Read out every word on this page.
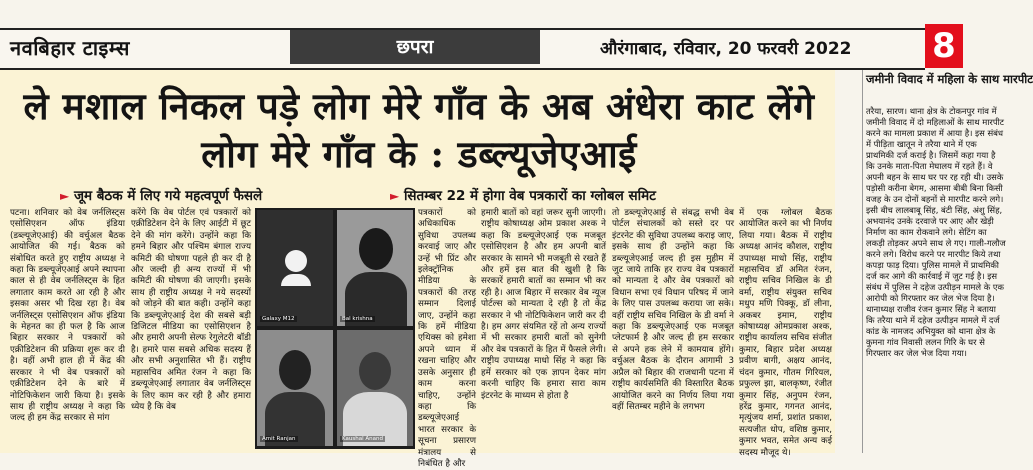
नवबिहार टाइम्स	छपरा	औरंगाबाद, रविवार, 20 फरवरी 2022 8
ले मशाल निकल पड़े लोग मेरे गाँव के अब अंधेरा काट लेंगे लोग मेरे गाँव के : डब्ल्यूजेएआई
► जूम बैठक में लिए गये महत्वपूर्ण फैसले	► सितम्बर 22 में होगा वेब पत्रकारों का ग्लोबल समिट
पटना। शनिवार को वेब जर्नलिस्ट्स एसोसिएशन ऑफ इंडिया (डब्ल्यूजेएआई) की वर्चुअल बैठक आयोजित की गई। बैठक को संबोधित करते हुए राष्ट्रीय अध्यक्ष ने कहा कि डब्ल्यूजेएआई अपने स्थापना काल से ही वेब जर्नलिस्ट्स के हित लगातार काम करते आ रही है और इसका असर भी दिख रहा है। वेब जर्नलिस्ट्स एसोसिएशन ऑफ इंडिया के मेहनत का ही फल है कि आज बिहार सरकार ने पत्रकारों को एक्रीडिटेशन की प्रक्रिया शुरू कर दी है। वहीं अभी हाल ही में केंद्र की सरकार ने भी वेब पत्रकारों को एक्रीडिटेशन देने के बारे में नोटिफिकेशन जारी किया है। इसके साथ ही राष्ट्रीय अध्यक्ष ने कहा कि जल्द ही हम केंद्र सरकार से मांग
करेंगे कि वेब पोर्टल एवं पत्रकारों को एक्रीडिटेशन देने के लिए आईटी में छूट देने की मांग करेंगे। उन्होंने कहा कि हमने बिहार और पश्चिम बंगाल राज्य कमिटी की घोषणा पहले ही कर दी है और जल्दी ही अन्य राज्यों में भी कमिटी की घोषणा की जाएगी। इसके साथ ही राष्ट्रीय अध्यक्ष ने नये सदस्यों को जोड़ने की बात कही। उन्होंने कहा कि डब्ल्यूजेएआई देश की सबसे बड़ी डिजिटल मीडिया का एसोसिएशन है और हमारी अपनी सेल्फ रेगुलेटरी बॉडी है। हमारे पास सबसे अधिक सदस्य हैं और सभी अनुशासित भी हैं। राष्ट्रीय महासचिव अमित रंजन ने कहा कि डब्ल्यूजेएआई लगातार वेब जर्नलिस्ट्स के लिए काम कर रही है और हमारा ध्येय है कि वेब
Galaxy M12	Bal krishna
Amit Ranjan	Kaushal Anand
पत्रकारों को अधिकाधिक सुविधा उपलब्ध करवाई जाए और उन्हें भी प्रिंट और इलेक्ट्रॉनिक मीडिया के पत्रकारों की तरह सम्मान दिलाई जाए, उन्होंने कहा कि हमें मीडिया एथिक्स को हमेशा अपने ध्यान में रखना चाहिए और उसके अनुसार ही काम करना चाहिए, उन्होंने कहा कि डब्ल्यूजेएआई भारत सरकार के सूचना प्रसारण मंत्रालय से निबंधित है और
हमारी बातों को वहां जरूर सुनी जाएगी। राष्ट्रीय कोषाध्यक्ष ओम प्रकाश अश्क ने कहा कि डब्ल्यूजेएआई एक मजबूत एसोसिएशन है और हम अपनी बातें सरकार के सामने भी मजबूती से रखते हैं और हमें इस बात की खुशी है कि सरकारें हमारी बातों का सम्मान भी कर रही है। आज बिहार में सरकार वेब न्यूज पोर्टल्स को मान्यता दे रही है तो केंद्र सरकार ने भी नोटिफिकेशन जारी कर दी है। हम अगर संयमित रहें तो अन्य राज्यों में भी सरकार हमारी बातों को सुनेगी और वेब पत्रकारों के हित में फैसले लेगी। राष्ट्रीय उपाध्यक्ष माधो सिंह ने कहा कि हमें सरकार को एक ज्ञापन देकर मांग करनी चाहिए कि हमारा सारा काम इंटरनेट के माध्यम से होता है
तो डब्ल्यूजेएआई से संबद्ध सभी वेब पोर्टल संचालकों को सस्ते दर पर इंटरनेट की सुविधा उपलब्ध कराइ जाए, इसके साथ ही उन्होंने कहा कि डब्ल्यूजेएआई जल्द ही इस मुहीम में जुट जाये ताकि हर राज्य वेब पत्रकारों को मान्यता दे और वेब पत्रकारों को विधान सभा एवं विधान परिषद में जाने के लिए पास उपलब्ध कराया जा सके। वहीं राष्ट्रीय सचिव निखिल के डी वर्मा ने कहा कि डब्ल्यूजेएआई एक मजबूत प्लेटफार्म है और जल्द ही हम सरकार से अपने हक लेने में कामयाब होंगे। वर्चुअल बैठक के दौरान आगामी 3 अप्रैल को बिहार की राजधानी पटना में राष्ट्रीय कार्यसमिति की विस्तारित बैठक आयोजित करने का निर्णय लिया गया वहीं सितम्बर महीने के लगभग
में एक ग्लोबल बैठक आयोजित करने का भी निर्णय लिया गया। बैठक में राष्ट्रीय अध्यक्ष आनंद कौशल, राष्ट्रीय उपाध्यक्ष माधो सिंह, राष्ट्रीय महासचिव डॉ अमित रंजन, राष्ट्रीय सचिव निखिल के डी वर्मा, राष्ट्रीय संयुक्त सचिव मधुप मणि पिक्कू, डॉ लीना, अकबर इमाम, राष्ट्रीय कोषाध्यक्ष ओमप्रकाश अश्क, राष्ट्रीय कार्यालय सचिव संजीत कुमार, बिहार प्रदेश अध्यक्ष प्रवीण बागी, अक्षय आनंद, चंदन कुमार, गौतम गिरियल, प्रफुल्ल झा, बालकृष्ण, रंजीत कुमार सिंह, अनुपम रंजन, हरेंद्र कुमार, गगनत आनंद, मृत्युंजय शर्मा, प्रशांत प्रकाश, सत्यजीत धोप, वशिष्ठ कुमार, कुमार भवत, समेत अन्य कई सदस्य मौजूद थे।
जमीनी विवाद में महिला के साथ मारपीट
तरैया, सारण। थाना क्षेत्र के टोकनपुर गांव में जमीनी विवाद में दो महिलाओं के साथ मारपीट करने का मामला प्रकाश में आया है। इस संबंध में पीड़िता खातून ने तरैया थाने में एक प्राथमिकी दर्ज कराई है। जिसमें कहा गया है कि उनके माता-पिता मेघालय में रहते हैं। वे अपनी बहन के साथ घर पर रह रही थी। उसके पड़ोसी करीना बेगम, आसमा बीबी बिना किसी वजह के उन दोनों बहनों से मारपीट करने लगे। इसी बीच लालबाबू सिंह, बंटी सिंह, अंशु सिंह, अभयानंद उनके दरवाजे पर आए और खेड़ी निर्माण का काम रोकवाने लगे। सेटिंग का लकड़ी तोड़कर अपने साथ ले गए। गाली-गलौज करने लगे। विरोध करने पर मारपीट किये तथा कपड़ा फाड़ दिया। पुलिस मामले में प्राथमिकी दर्ज कर आगे की कार्रवाई में जुट गई है। इस संबंध में पुलिस ने दहेज उत्पीड़न मामले के एक आरोपी को गिरफ्तार कर जेल भेज दिया है। थानाध्यक्ष राजीव रंजन कुमार सिंह ने बताया कि तरैया थाने में दहेज उत्पीड़न मामले में दर्ज कांड के नामजद अभियुक्त को थाना क्षेत्र के कुमना गांव निवासी ललन गिरि के घर से गिरफ्तार कर जेल भेज दिया गया।
